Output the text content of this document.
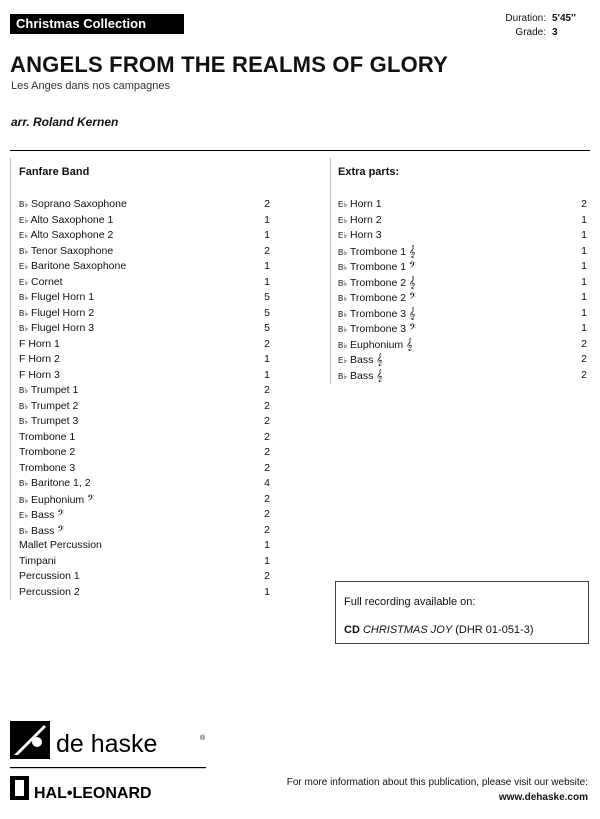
Christmas Collection	Duration: 5'45''
Grade: 3
ANGELS FROM THE REALMS OF GLORY
Les Anges dans nos campagnes
arr. Roland Kernen
Fanfare Band
B♭ Soprano Saxophone	2
E♭ Alto Saxophone 1	1
E♭ Alto Saxophone 2	1
B♭ Tenor Saxophone	2
E♭ Baritone Saxophone	1
E♭ Cornet	1
B♭ Flugel Horn 1	5
B♭ Flugel Horn 2	5
B♭ Flugel Horn 3	5
F Horn 1	2
F Horn 2	1
F Horn 3	1
B♭ Trumpet 1	2
B♭ Trumpet 2	2
B♭ Trumpet 3	2
Trombone 1	2
Trombone 2	2
Trombone 3	2
B♭ Baritone 1, 2	4
B♭ Euphonium 𝄢	2
E♭ Bass 𝄢	2
B♭ Bass 𝄢	2
Mallet Percussion	1
Timpani	1
Percussion 1	2
Percussion 2	1
Extra parts:
E♭ Horn 1	2
E♭ Horn 2	1
E♭ Horn 3	1
B♭ Trombone 1 𝄞	1
B♭ Trombone 1 𝄢	1
B♭ Trombone 2 𝄞	1
B♭ Trombone 2 𝄢	1
B♭ Trombone 3 𝄞	1
B♭ Trombone 3 𝄢	1
B♭ Euphonium 𝄞	2
E♭ Bass 𝄞	2
B♭ Bass 𝄞	2
Full recording available on:
CD CHRISTMAS JOY (DHR 01-051-3)
de haske	®
HAL•LEONARD
For more information about this publication, please visit our website:
www.dehaske.com
